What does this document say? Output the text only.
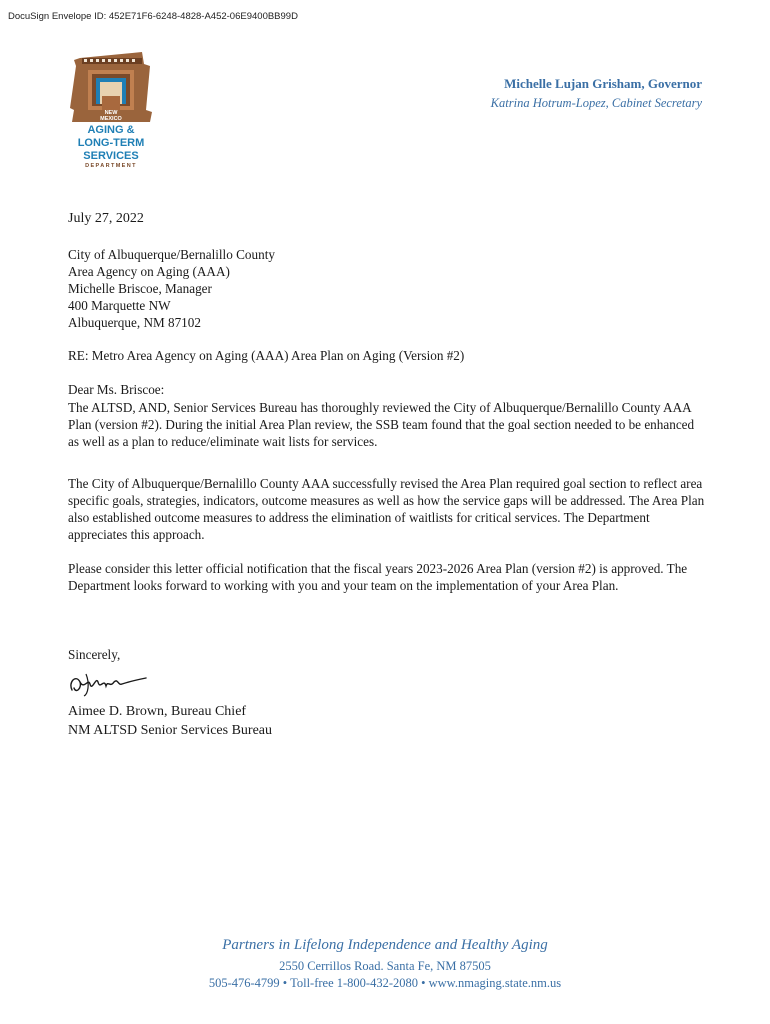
DocuSign Envelope ID: 452E71F6-6248-4828-A452-06E9400BB99D
NEW
MEXICO
AGING &
LONG-TERM
SERVICES
DEPARTMENT
Michelle Lujan Grisham, Governor
Katrina Hotrum-Lopez, Cabinet Secretary
July 27, 2022
City of Albuquerque/Bernalillo County
Area Agency on Aging (AAA)
Michelle Briscoe, Manager
400 Marquette NW
Albuquerque, NM 87102
RE: Metro Area Agency on Aging (AAA) Area Plan on Aging (Version #2)
Dear Ms. Briscoe:
The ALTSD, AND, Senior Services Bureau has thoroughly reviewed the City of Albuquerque/Bernalillo County AAA Plan (version #2). During the initial Area Plan review, the SSB team found that the goal section needed to be enhanced as well as a plan to reduce/eliminate wait lists for services.
The City of Albuquerque/Bernalillo County AAA successfully revised the Area Plan required goal section to reflect area specific goals, strategies, indicators, outcome measures as well as how the service gaps will be addressed. The Area Plan also established outcome measures to address the elimination of waitlists for critical services. The Department appreciates this approach.
Please consider this letter official notification that the fiscal years 2023-2026 Area Plan (version #2) is approved. The Department looks forward to working with you and your team on the implementation of your Area Plan.
Sincerely,
Aimee D. Brown, Bureau Chief
NM ALTSD Senior Services Bureau
Partners in Lifelong Independence and Healthy Aging
2550 Cerrillos Road. Santa Fe, NM 87505
505-476-4799 • Toll-free 1-800-432-2080 • www.nmaging.state.nm.us
